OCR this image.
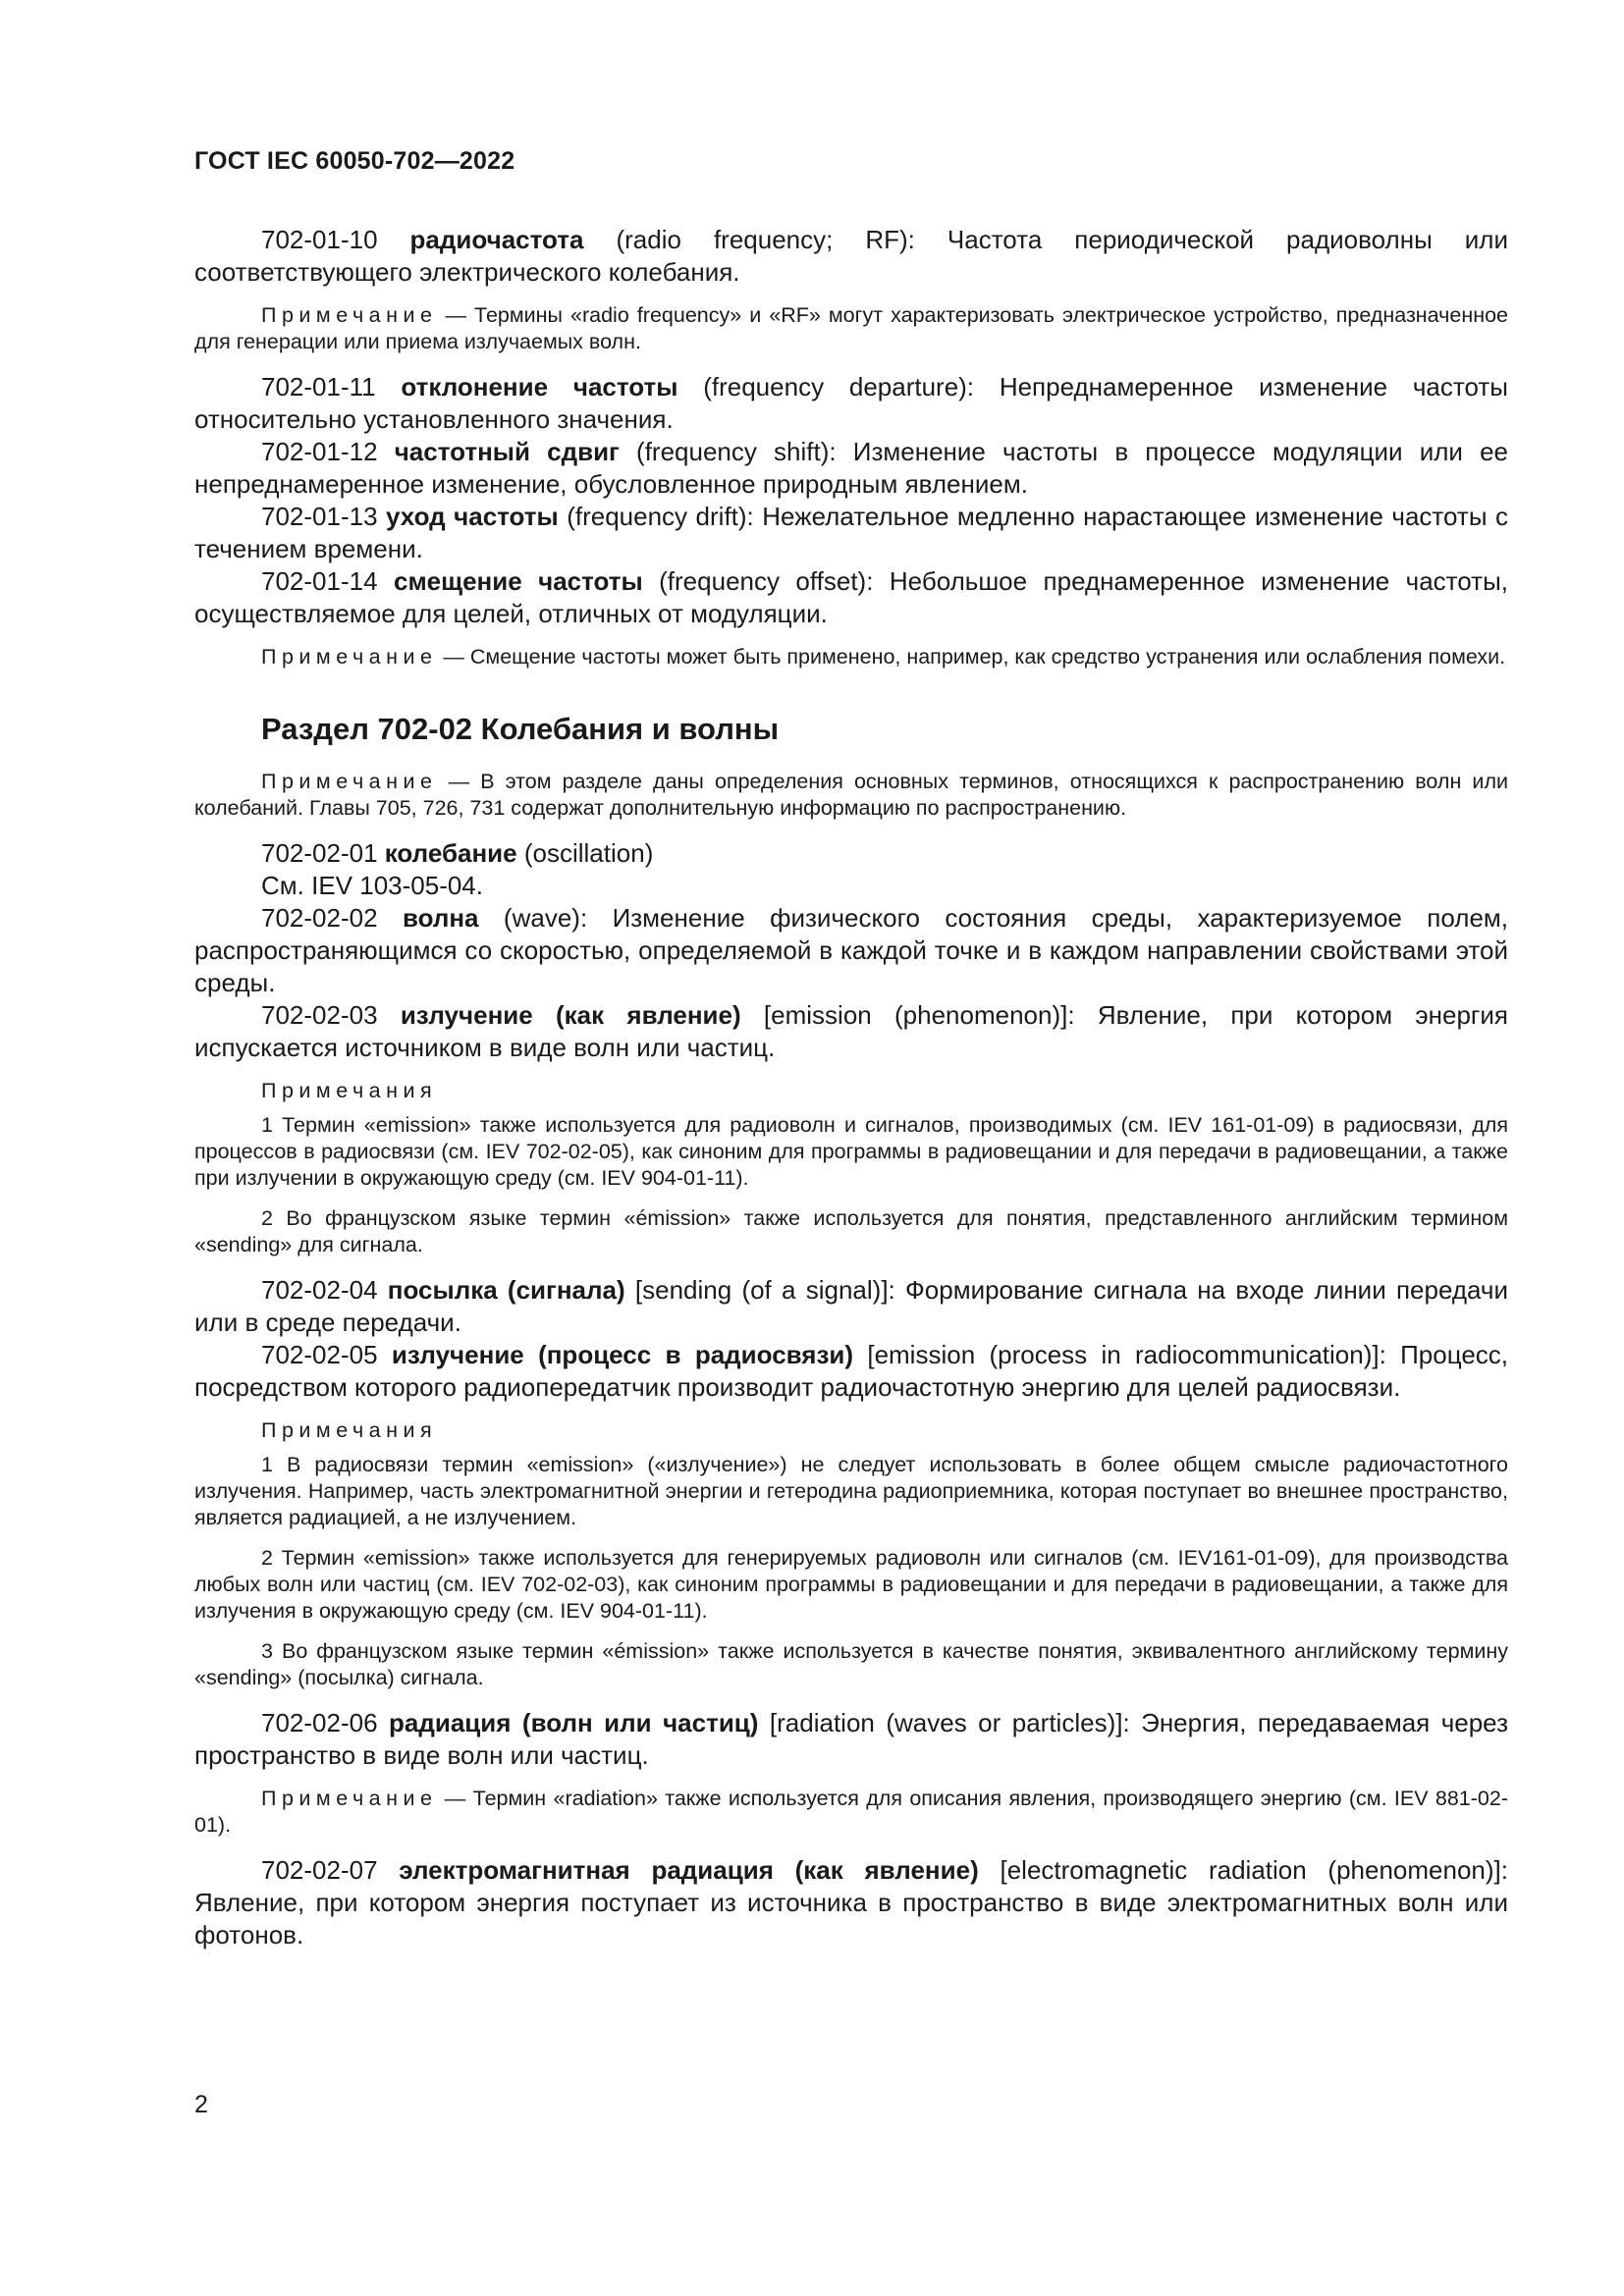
ГОСТ IEC 60050-702—2022

702-01-10 радиочастота (radio frequency; RF): Частота периодической радиоволны или соответствующего электрического колебания.

Примечание — Термины «radio frequency» и «RF» могут характеризовать электрическое устройство, предназначенное для генерации или приема излучаемых волн.

702-01-11 отклонение частоты (frequency departure): Непреднамеренное изменение частоты относительно установленного значения.

702-01-12 частотный сдвиг (frequency shift): Изменение частоты в процессе модуляции или ее непреднамеренное изменение, обусловленное природным явлением.

702-01-13 уход частоты (frequency drift): Нежелательное медленно нарастающее изменение частоты с течением времени.

702-01-14 смещение частоты (frequency offset): Небольшое преднамеренное изменение частоты, осуществляемое для целей, отличных от модуляции.

Примечание — Смещение частоты может быть применено, например, как средство устранения или ослабления помехи.

Раздел 702-02 Колебания и волны

Примечание — В этом разделе даны определения основных терминов, относящихся к распространению волн или колебаний. Главы 705, 726, 731 содержат дополнительную информацию по распространению.

702-02-01 колебание (oscillation)

См. IEV 103-05-04.

702-02-02 волна (wave): Изменение физического состояния среды, характеризуемое полем, распространяющимся со скоростью, определяемой в каждой точке и в каждом направлении свойствами этой среды.

702-02-03 излучение (как явление) [emission (phenomenon)]: Явление, при котором энергия испускается источником в виде волн или частиц.

Примечания

1 Термин «emission» также используется для радиоволн и сигналов, производимых (см. IEV 161-01-09) в радиосвязи, для процессов в радиосвязи (см. IEV 702-02-05), как синоним для программы в радиовещании и для передачи в радиовещании, а также при излучении в окружающую среду (см. IEV 904-01-11).

2 Во французском языке термин «émission» также используется для понятия, представленного английским термином «sending» для сигнала.

702-02-04 посылка (сигнала) [sending (of a signal)]: Формирование сигнала на входе линии передачи или в среде передачи.

702-02-05 излучение (процесс в радиосвязи) [emission (process in radiocommunication)]: Процесс, посредством которого радиопередатчик производит радиочастотную энергию для целей радиосвязи.

Примечания

1 В радиосвязи термин «emission» («излучение») не следует использовать в более общем смысле радиочастотного излучения. Например, часть электромагнитной энергии и гетеродина радиоприемника, которая поступает во внешнее пространство, является радиацией, а не излучением.

2 Термин «emission» также используется для генерируемых радиоволн или сигналов (см. IEV161-01-09), для производства любых волн или частиц (см. IEV 702-02-03), как синоним программы в радиовещании и для передачи в радиовещании, а также для излучения в окружающую среду (см. IEV 904-01-11).

3 Во французском языке термин «émission» также используется в качестве понятия, эквивалентного английскому термину «sending» (посылка) сигнала.

702-02-06 радиация (волн или частиц) [radiation (waves or particles)]: Энергия, передаваемая через пространство в виде волн или частиц.

Примечание — Термин «radiation» также используется для описания явления, производящего энергию (см. IEV 881-02-01).

702-02-07 электромагнитная радиация (как явление) [electromagnetic radiation (phenomenon)]: Явление, при котором энергия поступает из источника в пространство в виде электромагнитных волн или фотонов.

2
